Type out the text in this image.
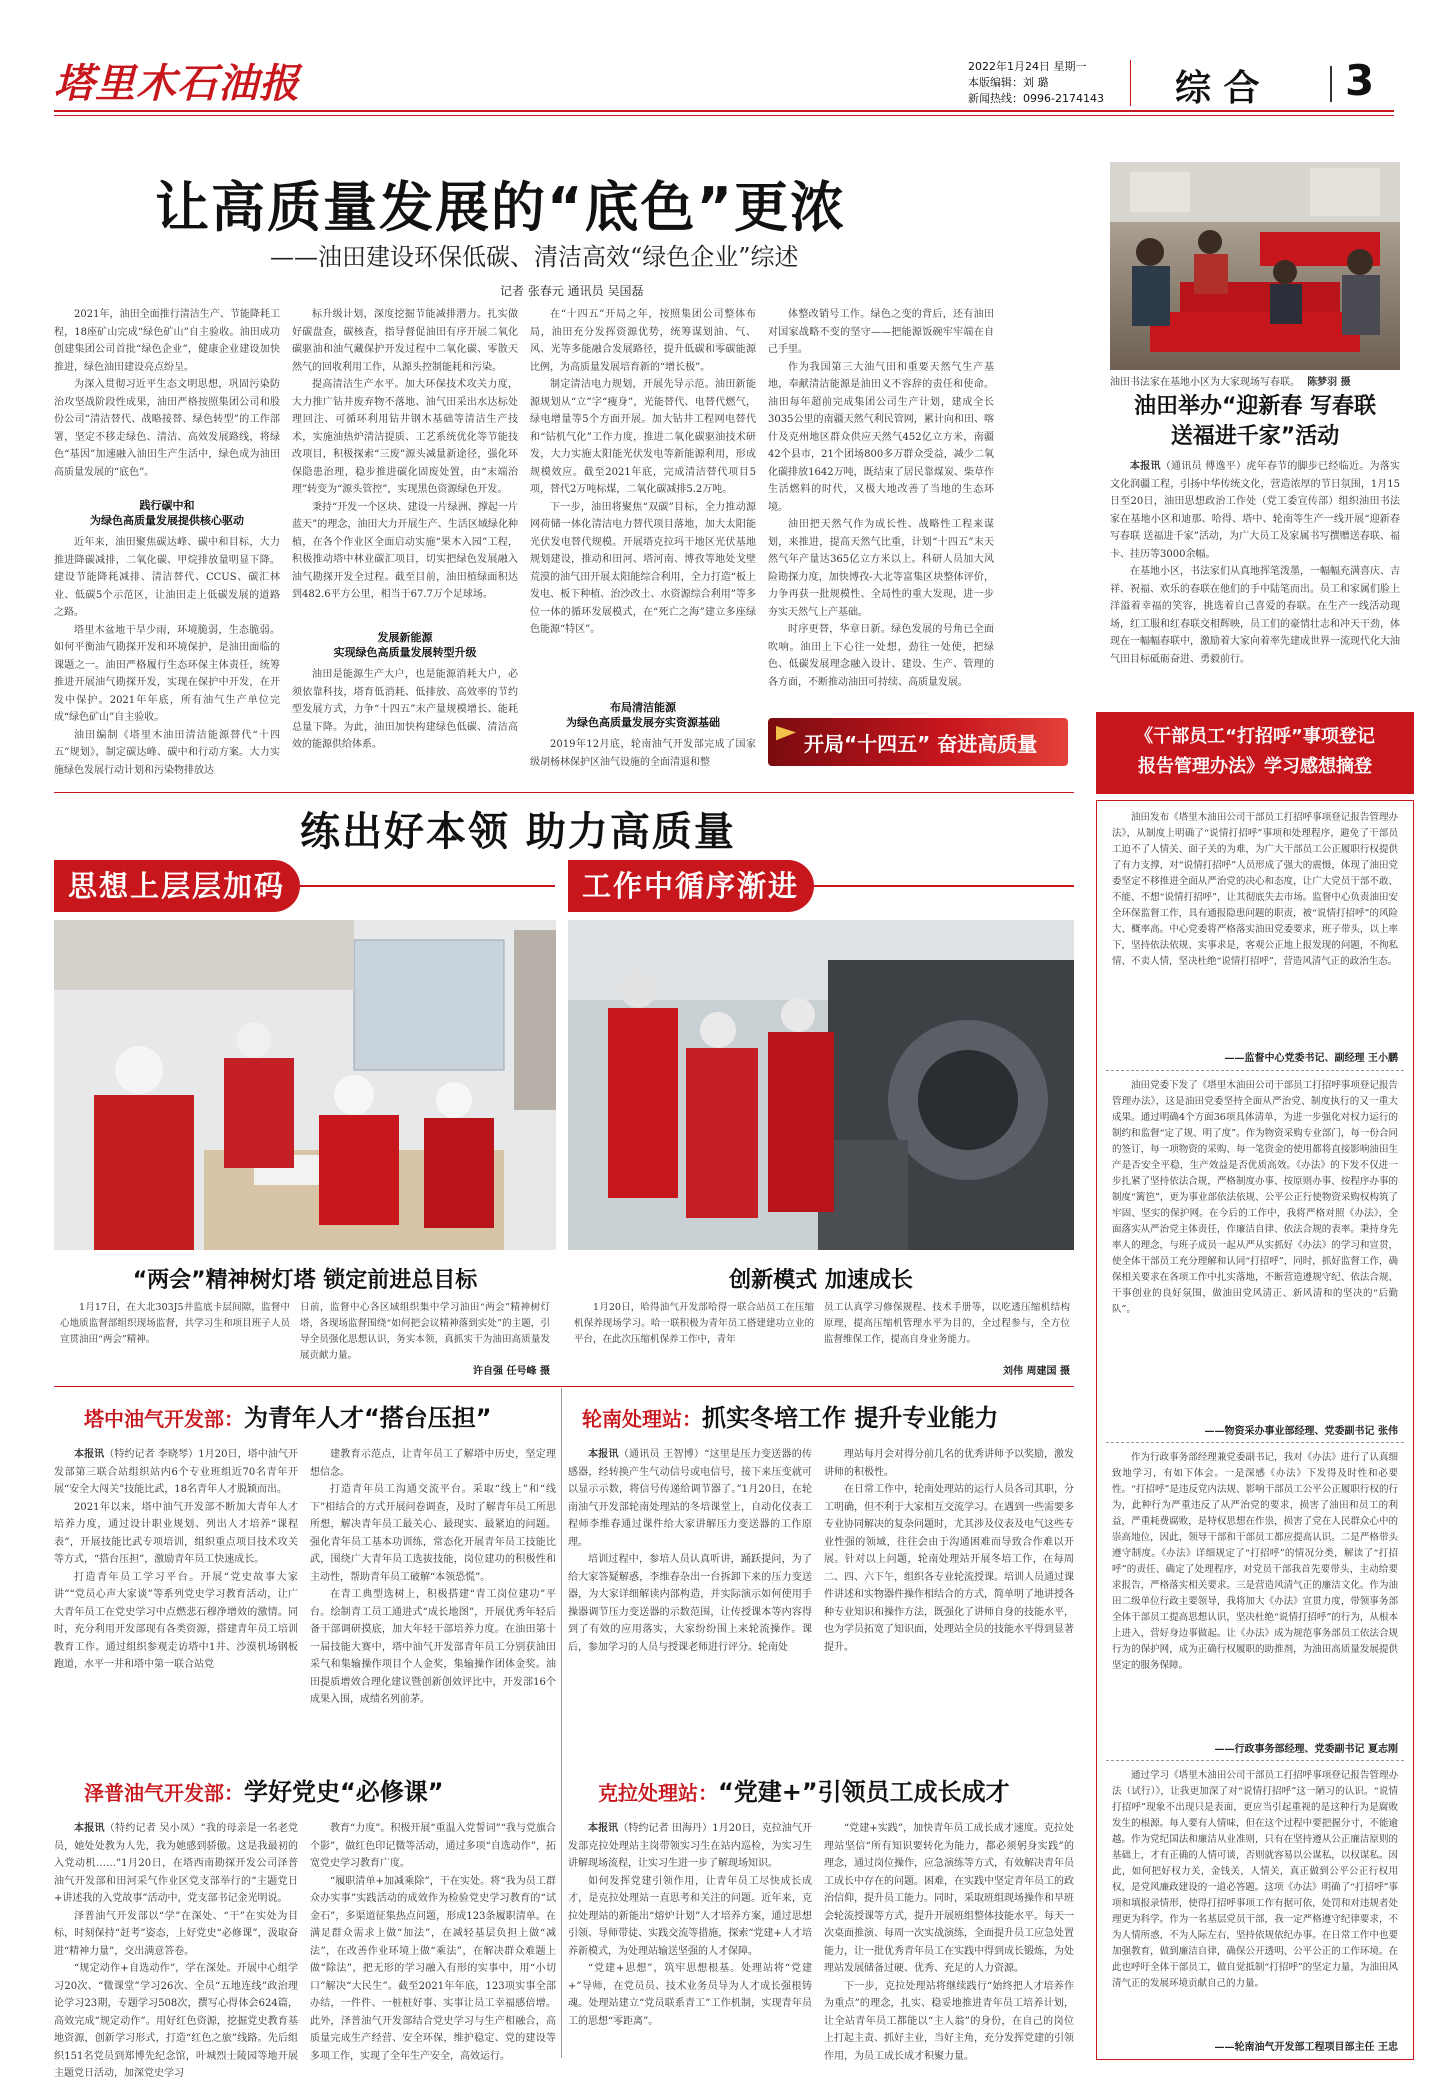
塔里木石油报	2022年1月24日 星期一
本版编辑：刘 璐
新闻热线：0996-2174143 综 合 3
让高质量发展的“底色”更浓
——油田建设环保低碳、清洁高效“绿色企业”综述
记者 张春元 通讯员 吴国磊

2021年，油田全面推行清洁生产、节能降耗工程，18座矿山完成“绿色矿山”自主验收。油田成功创建集团公司首批“绿色企业”，健康企业建设加快推进，绿色油田建设亮点纷呈。

为深入贯彻习近平生态文明思想，巩固污染防治攻坚战阶段性成果，油田严格按照集团公司和股份公司“清洁替代、战略接替、绿色转型”的工作部署，坚定不移走绿色、清洁、高效发展路线，将绿色“基因”加速融入油田生产生活中，绿色成为油田高质量发展的“底色”。

践行碳中和
为绿色高质量发展提供核心驱动

近年来，油田聚焦碳达峰、碳中和目标，大力推进降碳减排，二氧化碳、甲烷排放量明显下降。建设节能降耗减排、清洁替代、CCUS、碳汇林业、低碳5个示范区，让油田走上低碳发展的道路之路。

塔里木盆地干旱少雨，环境脆弱，生态脆弱。如何平衡油气勘探开发和环境保护，是油田面临的课题之一。油田严格履行生态环保主体责任，统筹推进开展油气勘探开发，实现在保护中开发，在开发中保护。2021年年底，所有油气生产单位完成“绿色矿山”自主验收。

油田编制《塔里木油田清洁能源替代“十四五”规划》，制定碳达峰、碳中和行动方案。大力实施绿色发展行动计划和污染物排放达

标升级计划，深度挖掘节能减排潜力。扎实做好碳盘查，碳核查，指导督促油田有序开展二氧化碳驱油和油气藏保护开发过程中二氧化碳、零散天然气的回收利用工作，从源头控制能耗和污染。

提高清洁生产水平。加大环保技术攻关力度，大力推广钻井废弃物不落地、油气田采出水达标处理回注、可循环利用钻井钢木基础等清洁生产技术，实施油热炉清洁提质、工艺系统优化等节能技改项目，积极探索“三废”源头减量新途径，强化环保隐患治理，稳步推进碳化固废处置，由“末端治理”转变为“源头管控”，实现黑色资源绿色开发。

秉持“开发一个区块、建设一片绿洲、撑起一片蓝天”的理念，油田大力开展生产、生活区域绿化种植，在各个作业区全面启动实施“果木入园”工程，积极推动塔中林业碳汇项目，切实把绿色发展融入油气勘探开发全过程。截至目前，油田植绿面积达到482.6平方公里，相当于67.7万个足球场。

发展新能源
实现绿色高质量发展转型升级

油田是能源生产大户，也是能源消耗大户，必须依靠科技，塔育低消耗、低排放、高效率的节约型发展方式，力争“十四五”末产量规模增长、能耗总量下降。为此，油田加快构建绿色低碳、清洁高效的能源供给体系。

在“十四五”开局之年，按照集团公司整体布局，油田充分发挥资源优势，统筹谋划油、气、风、光等多能融合发展路径，提升低碳和零碳能源比例，为高质量发展培育新的“增长极”。

制定清洁电力规划，开展先导示范。油田新能源规划从“立”字“瘦身”，光能替代、电替代燃气，绿电增量等5个方面开展。加大钻井工程网电替代和“钻机气化”工作力度，推进二氧化碳驱油技术研发，大力实施太阳能光伏发电等新能源利用，形成规模效应。截至2021年底，完成清洁替代项目5项，替代2万吨标煤，二氧化碳减排5.2万吨。

下一步，油田将聚焦“双碳”目标，全力推动源网荷储一体化清洁电力替代项目落地，加大太阳能光伏发电替代规模。开展塔克拉玛干地区光伏基地规划建设，推动和田河、塔河南、博孜等地处戈壁荒漠的油气田开展太阳能综合利用，全力打造“板上发电、板下种植、治沙改土、水资源综合利用”等多位一体的循环发展模式，在“死亡之海”建立多座绿色能源“特区”。

布局清洁能源
为绿色高质量发展夯实资源基础

2019年12月底，轮南油气开发部完成了国家级胡杨林保护区油气设施的全面清退和整

体整改销号工作。绿色之变的背后，还有油田对国家战略不变的坚守——把能源饭碗牢牢端在自己手里。

作为我国第三大油气田和重要天然气生产基地，奉献清洁能源是油田义不容辞的责任和使命。油田每年超前完成集团公司生产计划，建成全长3035公里的南疆天然气利民管网，累计向和田、喀什及克州地区群众供应天然气452亿立方米，南疆42个县市，21个团场800多万群众受益，减少二氧化碳排放1642万吨，既结束了居民靠煤炭、柴草作生活燃料的时代，又极大地改善了当地的生态环境。

油田把天然气作为成长性、战略性工程来谋划，来推进，提高天然气比重，计划“十四五”末天然气年产量达365亿立方米以上。科研人员加大风险勘探力度，加快博孜-大北等富集区块整体评价，力争再获一批规模性、全局性的重大发现，进一步夯实天然气上产基础。

时序更替，华章日新。绿色发展的号角已全面吹响。油田上下心往一处想，劲往一处使，把绿色、低碳发展理念融入设计、建设、生产、管理的各方面，不断推动油田可持续、高质量发展。

开局“十四五” 奋进高质量
油田书法家在基地小区为大家现场写春联。 陈梦羽 摄
油田举办“迎新春 写春联
送福进千家”活动

本报讯（通讯员 傅逸平）虎年春节的脚步已经临近。为落实文化润疆工程，引扬中华传统文化，营造浓厚的节日氛围，1月15日至20日，油田思想政治工作处（党工委宣传部）组织油田书法家在基地小区和迪那、哈得、塔中、轮南等生产一线开展“迎新春 写春联 送福进千家”活动，为广大员工及家属书写撰赠送春联、福卡、挂历等3000余幅。

在基地小区，书法家们从真地挥笔泼墨，一幅幅充满喜庆、吉祥、祝福、欢乐的春联在他们的手中陆笔而出。员工和家属们脸上洋溢着幸福的笑容，挑选着自己喜爱的春联。在生产一线活动现场，红工服和红春联交相辉映，员工们的豪情壮志和冲天干劲，体现在一幅幅春联中，激励着大家向着率先建成世界一流现代化大油气田目标砥砺奋进、勇毅前行。

《干部员工“打招呼”事项登记
报告管理办法》学习感想摘登

油田发布《塔里木油田公司干部员工打招呼事项登记报告管理办法》，从制度上明确了“说情打招呼”事项和处理程序，避免了干部员工迫不了人情关、面子关的为难，为广大干部员工公正履职行权提供了有力支撑，对“说情打招呼”人员形成了强大的震慑，体现了油田党委坚定不移推进全面从严治党的决心和态度，让广大党员干部不敢、不能、不想“说情打招呼”，让其彻底失去市场。监督中心负责油田安全环保监督工作，具有通报隐患问题的职责，被“说情打招呼”的风险大、概率高。中心党委将严格落实油田党委要求，班子带头，以上率下，坚持依法依规、实事求是，客观公正地上报发现的问题，不徇私情、不卖人情，坚决杜绝“说情打招呼”，营造风清气正的政治生态。

——监督中心党委书记、副经理 王小鹏

油田党委下发了《塔里木油田公司干部员工打招呼事项登记报告管理办法》，这是油田党委坚持全面从严治党、制度执行的又一重大成果。通过明确4个方面36项具体清单，为进一步强化对权力运行的制约和监督“定了规、明了度”。作为物资采购专业部门，每一份合同的签订，每一项物资的采购、每一笔资金的使用都将直接影响油田生产是否安全平稳，生产效益是否优质高效。《办法》的下发不仅进一步扎紧了坚持依法合规，严格制度办事、按原则办事、按程序办事的制度“篱笆”，更为事业部依法依规、公平公正行使物资采购权构筑了牢固、坚实的保护网。在今后的工作中，我将严格对照《办法》，全面落实从严治党主体责任，作廉洁自律、依法合规的表率。秉持身先率人的理念，与班子成员一起从严从实抓好《办法》的学习和宣贯，使全体干部员工充分理解和认同“打招呼”，同时，抓好监督工作，确保相关要求在各项工作中扎实落地，不断营造遵规守纪、依法合规、干事创业的良好氛围，做油田党风清正、新风清和的坚决的“后勤队”。

——物资采办事业部经理、党委副书记 张伟

作为行政事务部经理兼党委副书记，我对《办法》进行了认真细致地学习，有如下体会。一是深感《办法》下发得及时性和必要性。“打招呼”是违反党内法规、影响干部员工公平公正履职行权的行为，此种行为严重违反了从严治党的要求，损害了油田和员工的利益，严重耗费腐败，是特权思想在作祟，损害了党在人民群众心中的崇高地位，因此，领导干部和干部员工都应提高认识。二是严格带头遵守制度。《办法》详细规定了“打招呼”的情况分类，解读了“打招呼”的责任、确定了处理程序，对党员干部我首先要带头，主动给要求报告，严格落实相关要求。三是营造风清气正的廉洁文化。作为油田二级单位行政主要领导，我将加大《办法》宣贯力度，带领事务部全体干部员工提高思想认识，坚决杜绝“说情打招呼”的行为，从根本上进入，营好身边事做起。让《办法》成为规范事务部员工依法合规行为的保护网，成为正确行权履职的助推剂，为油田高质量发展提供坚定的服务保障。

——行政事务部经理、党委副书记 夏志刚

通过学习《塔里木油田公司干部员工打招呼事项登记报告管理办法（试行）》，让我更加深了对“说情打招呼”这一陋习的认识。“说情打招呼”现象不出现只是表面，更应当引起重视的是这种行为是腐败发生的根源。每人要有人情味，但在这个过程中要把握分寸，不能逾越。作为党纪国法和廉洁从业准则，只有在坚持遵从公正廉洁原则的基础上，才有正确的人情可谈，否则就容易以公谋私，以权谋私。因此，如何把好权力关，金钱关，人情关，真正做到公平公正行权用权，是党风廉政建设的一道必答题。这项《办法》明确了“打招呼”事项和填报录情形，使得打招呼事项工作有据可依，处罚和对违规者处理更为科学。作为一名基层党员干部，我一定严格遵守纪律要求，不为人情所惑，不为人际左右，坚持依规依纪办事。在日常工作中也要加强教育，做到廉洁自律，确保公开透明、公平公正的工作环境。在此也呼吁全体干部员工，做自觉抵制“打招呼”的坚定力量，为油田风清气正的发展环境贡献自己的力量。

——轮南油气开发部工程项目部主任 王忠
练出好本领 助力高质量
思想上层层加码	工作中循序渐进
“两会”精神树灯塔 锁定前进总目标

1月17日，在大北303J5井监底卡层间隙，监督中心地质监督部组织现场监督，共学习生和项目班子人员宣贯油田“两会”精神。

日前，监督中心各区域组织集中学习油田“两会”精神树灯塔，各现场监督围绕“如何把会议精神落到实处”的主题，引导全员强化思想认识，务实本领，真抓实干为油田高质量发展贡献力量。

许自强 任号峰 摄
创新模式 加速成长

1月20日，哈得油气开发部哈得一联合站员工在压缩机保养现场学习。哈一联积极为青年员工搭建建功立业的平台，在此次压缩机保养工作中，青年

员工认真学习修保规程、技术手册等，以吃透压缩机结构原理，提高压缩机管理水平为目的，全过程参与，全方位监督维保工作，提高自身业务能力。

刘伟 周建国 摄
塔中油气开发部：为青年人才“搭台压担”

本报讯（特约记者 李晓琴）1月20日，塔中油气开发部第三联合站组织站内6个专业班组近70名青年开展“安全大闯关”技能比武，18名青年人才脱颖而出。

2021年以来，塔中油气开发部不断加大青年人才培养力度，通过设计职业规划、列出人才培养“课程表”，开展技能比武专项培训，组织重点项目技术攻关等方式，“搭台压担”，激励青年员工快速成长。

打造青年员工学习平台。开展“党史故事大家讲”“党员心声大家谈”等系列党史学习教育活动，让广大青年员工在党史学习中点燃悲石穆净增效的激情。同时，充分利用开发部现有各类资源，搭建青年员工培训教育工作。通过组织参观走访塔中1井、沙漠机场钢板跑道，水平一井和塔中第一联合站党

建教育示范点，让青年员工了解塔中历史，坚定理想信念。

打造青年员工沟通交流平台。采取“线上”和“线下”相结合的方式开展问卷调查，及时了解青年员工所思所想，解决青年员工最关心、最现实、最紧迫的问题。强化青年员工基本功训练，常态化开展青年员工技能比武，围绕广大青年员工选拔技能，岗位建功的积极性和主动性，帮助青年员工破解“本领恐慌”。

在青工典型选树上，积极搭建“青工岗位建功”平台。绘制青工员工通进式“成长地图”，开展优秀年轻后备干部调研摸底，加大年轻干部培养力度。在油田第十一届技能大赛中，塔中油气开发部青年员工分别获油田采气和集输操作项目个人金奖，集输操作团体金奖。油田提质增效合理化建议暨创新创效评比中，开发部16个成果入围，成绩名列前茅。

泽普油气开发部：学好党史“必修课”

本报讯（特约记者 吴小凤）“我的母亲是一名老党员，她处处教为人先，我为她感到骄傲。这是我最初的入党动机……”1月20日，在塔西南勘探开发公司泽普油气开发部和田河采气作业区党支部举行的“主题党日+讲述我的入党故事”活动中，党支部书记金光明说。

泽普油气开发部以“学”在深处、“干”在实处为目标，时刻保持“赶考”姿态，上好党史“必修课”，汲取奋进“精神力量”，交出满意答卷。

“规定动作+自选动作”，学在深处。开展中心组学习20次、“微课堂”学习26次、全员“五地连线”政治理论学习23期，专题学习508次，撰写心得体会624篇，高效完成“规定动作”。用好红色资源，挖掘党史教育基地资源，创新学习形式，打造“红色之旅”线路。先后组织151名党员到郑博先纪念馆，叶城烈士陵园等地开展主题党日活动，加深党史学习

教育“力度”。积极开展“重温入党誓词”“我与党旗合个影”，做红色印记微等活动，通过多项“自选动作”，拓宽党史学习教育广度。

“履职清单+加减乘除”，干在实处。将“我为员工群众办实事”实践活动的成效作为检验党史学习教育的“试金石”，多渠道征集热点问题，形成123条履职清单。在满足群众需求上做“加法”，在减轻基层负担上做“减法”，在改善作业环境上做“乘法”，在解决群众难题上做“除法”，把无形的学习融入有形的实事中，用“小切口”解决“大民生”。截至2021年年底，123项实事全部办结，一件件、一桩桩好事、实事让员工幸福感倍增。此外，泽普油气开发部结合党史学习与生产相融合，高质量完成生产经营、安全环保，维护稳定、党的建设等多项工作，实现了全年生产安全，高效运行。

轮南处理站：抓实冬培工作 提升专业能力

本报讯（通讯员 王智博）“这里是压力变送器的传感器，经转换产生气动信号或电信号，接下来压变就可以显示示数，将信号传递给调节器了。”1月20日，在轮南油气开发部轮南处理站的冬培课堂上，自动化仪表工程师李维春通过课件给大家讲解压力变送器的工作原理。

培训过程中，参培人员认真听讲，踊跃提问，为了给大家答疑解惑，李维春杂出一台拆卸下来的压力变送器，为大家详细解读内部构造，并实际演示如何使用手操器调节压力变送器的示数范围，让传授课本等内容得到了有效的应用落实，大家纷纷围上来轮流操作。课后，参加学习的人员与授课老师进行评分。轮南处

理站每月会对得分前几名的优秀讲师予以奖励，激发讲师的积极性。

在日常工作中，轮南处理站的运行人员各司其职，分工明确，但不利于大家相互交流学习。在遇到一些需要多专业协同解决的复杂问题时，尤其涉及仪表及电气这些专业性强的领域，往往会由于沟通困难而导致合作难以开展。针对以上问题，轮南处理站开展冬培工作，在每周二、四、六下午，组织各专业轮流授课。培训人员通过课件讲述和实物器件操作相结合的方式，简单明了地讲授各种专业知识和操作方法，既强化了讲师自身的技能水平，也为学员拓宽了知识面，处理站全员的技能水平得到显著提升。

克拉处理站：“党建+”引领员工成长成才

本报讯（特约记者 田海丹）1月20日，克拉油气开发部克拉处理站主岗带领实习生在站内巡检，为实习生讲解现场流程，让实习生进一步了解现场知识。

如何发挥党建引领作用，让青年员工尽快成长成才，是克拉处理站一直思考和关注的问题。近年来，克拉处理站的新能出“熔炉计划”人才培养方案，通过思想引领、导师带徒、实践交流等措施，探索“党建+人才培养新模式，为处理站输送坚强的人才保障。

“党建+思想”，筑牢思想根基。处理站将“党建+”导师，在党员员、技术业务员导为人才成长强根铸魂。处理站建立“党员联系青工”工作机制，实现青年员工的思想“零距离”。

“党建+实践”，加快青年员工成长成才速度。克拉处理站坚信“所有知识要转化为能力，都必须躬身实践”的理念，通过岗位操作，应急演练等方式，有效解决青年员工成长中存在的问题。困难，在实践中坚定青年员工的政治信仰，提升员工能力。同时，采取班组现场操作和早班会轮流授课等方式，提升开展班组整体技能水平。每天一次桌面推演、每周一次实战演练，全面提升员工应急处置能力，让一批优秀青年员工在实践中得到成长锻炼，为处理站发展储备过硬、优秀、充足的人力资源。

下一步，克拉处理站将继续践行“始终把人才培养作为重点”的理念，扎实、稳妥地推进青年员工培养计划，让全站青年员工都能以“主人翁”的身份，在自己的岗位上打起主责、抓好主业，当好主角，充分发挥党建的引领作用，为员工成长成才积聚力量。
